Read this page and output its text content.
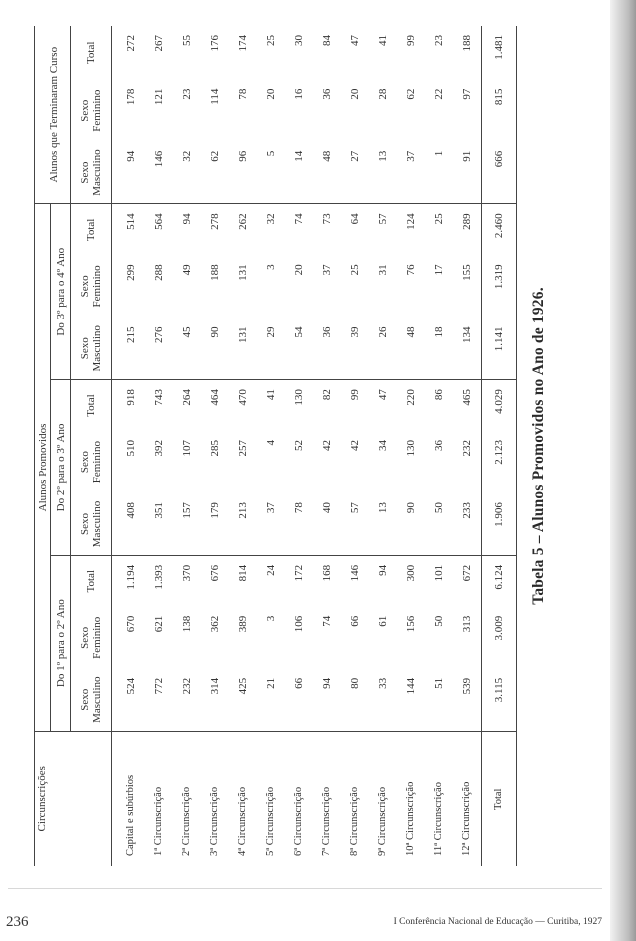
Tabela 5 – Alunos Promovidos no Ano de 1926.
Circunscrições	Alunos Promovidos									Alunos que Terminaram Curso		
	Do 1º para o 2º Ano			Do 2º para o 3º Ano			Do 3º para o 4º Ano					
	Sexo Masculino	Sexo Feminino	Total	Sexo Masculino	Sexo Feminino	Total	Sexo Masculino	Sexo Feminino	Total	Sexo Masculino	Sexo Feminino	Total
Capital e subúrbios	524	670	1.194	408	510	918	215	299	514	94	178	272
1ª Circunscrição	772	621	1.393	351	392	743	276	288	564	146	121	267
2ª Circunscrição	232	138	370	157	107	264	45	49	94	32	23	55
3ª Circunscrição	314	362	676	179	285	464	90	188	278	62	114	176
4ª Circunscrição	425	389	814	213	257	470	131	131	262	96	78	174
5ª Circunscrição	21	3	24	37	4	41	29	3	32	5	20	25
6ª Circunscrição	66	106	172	78	52	130	54	20	74	14	16	30
7ª Circunscrição	94	74	168	40	42	82	36	37	73	48	36	84
8ª Circunscrição	80	66	146	57	42	99	39	25	64	27	20	47
9ª Circunscrição	33	61	94	13	34	47	26	31	57	13	28	41
10ª Circunscrição	144	156	300	90	130	220	48	76	124	37	62	99
11ª Circunscrição	51	50	101	50	36	86	18	17	25	1	22	23
12ª Circunscrição	539	313	672	233	232	465	134	155	289	91	97	188
Total	3.115	3.009	6.124	1.906	2.123	4.029	1.141	1.319	2.460	666	815	1.481
236	I Conferência Nacional de Educação — Curitiba, 1927
